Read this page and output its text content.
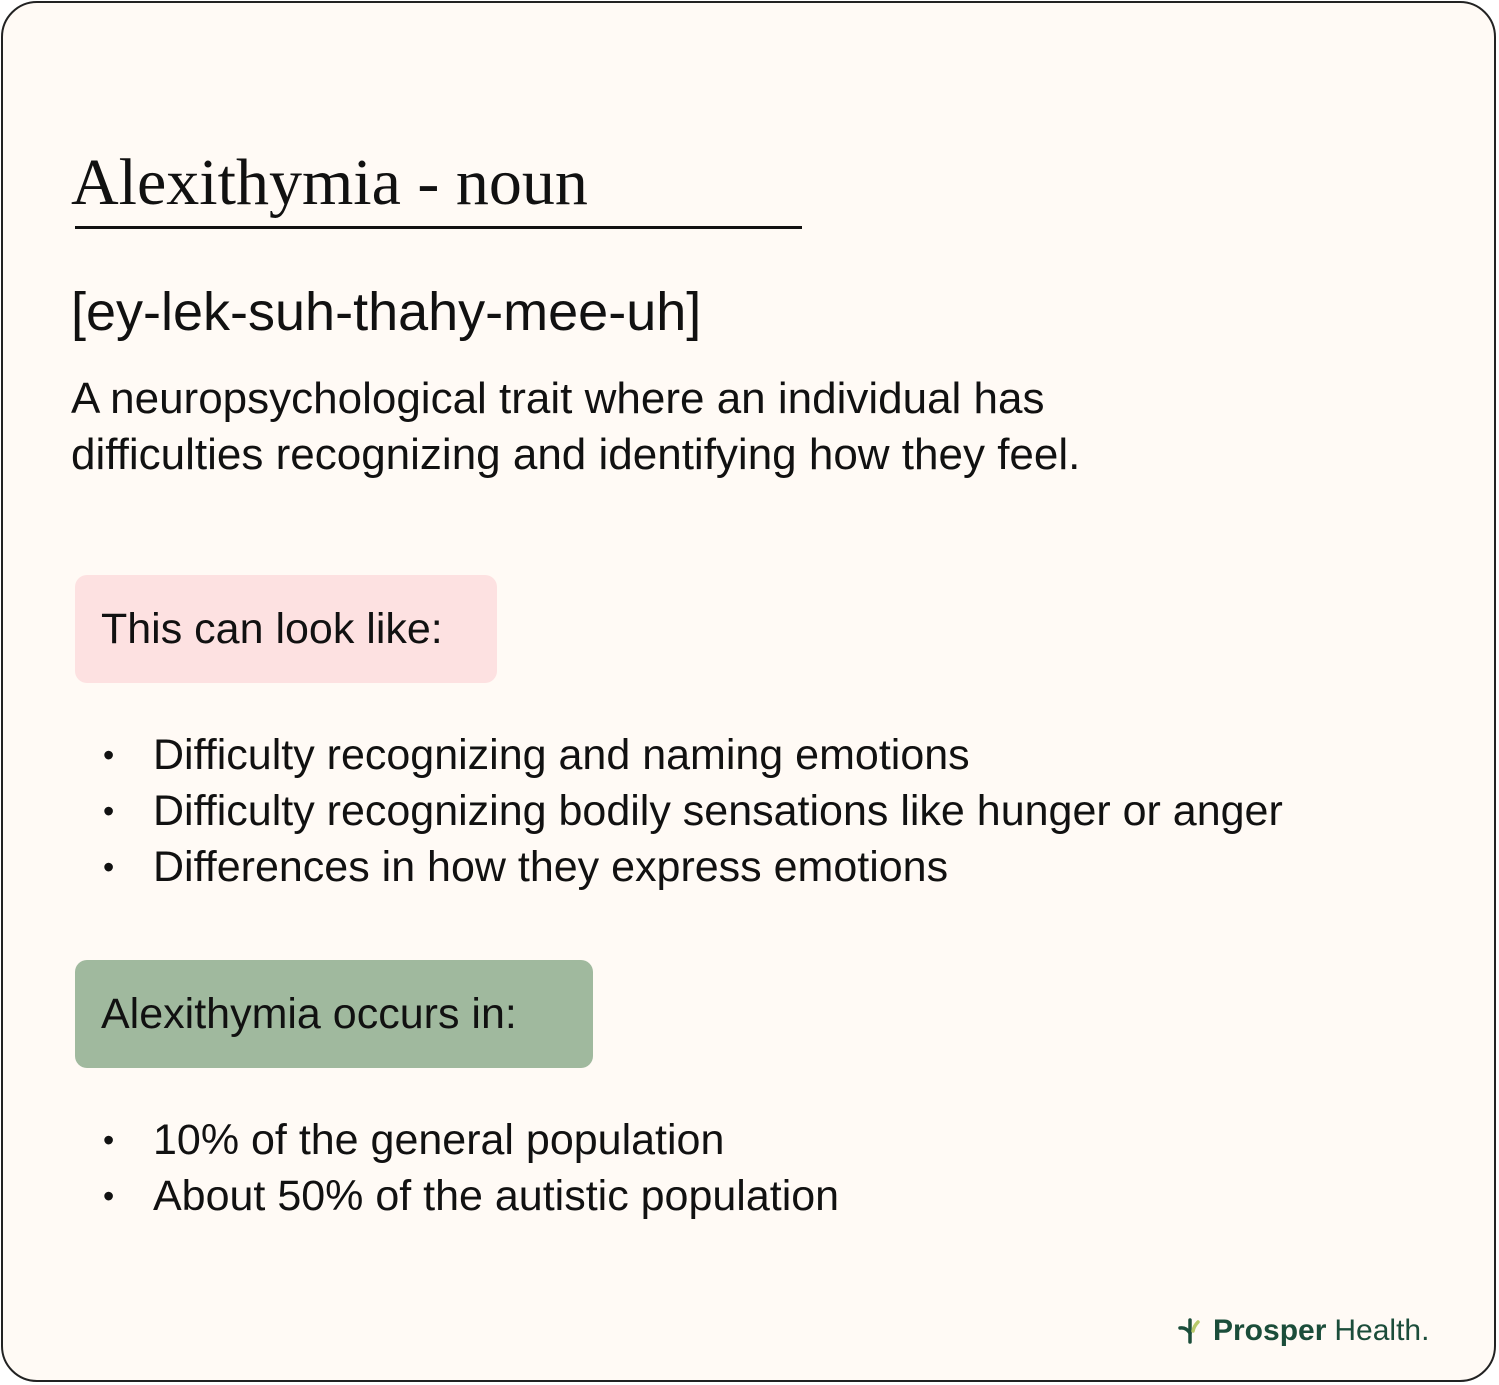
Alexithymia - noun
[ey-lek-suh-thahy-mee-uh]
A neuropsychological trait where an individual has
difficulties recognizing and identifying how they feel.
This can look like:
• Difficulty recognizing and naming emotions
• Difficulty recognizing bodily sensations like hunger or anger
• Differences in how they express emotions
Alexithymia occurs in:
• 10% of the general population
• About 50% of the autistic population
Prosper Health.
